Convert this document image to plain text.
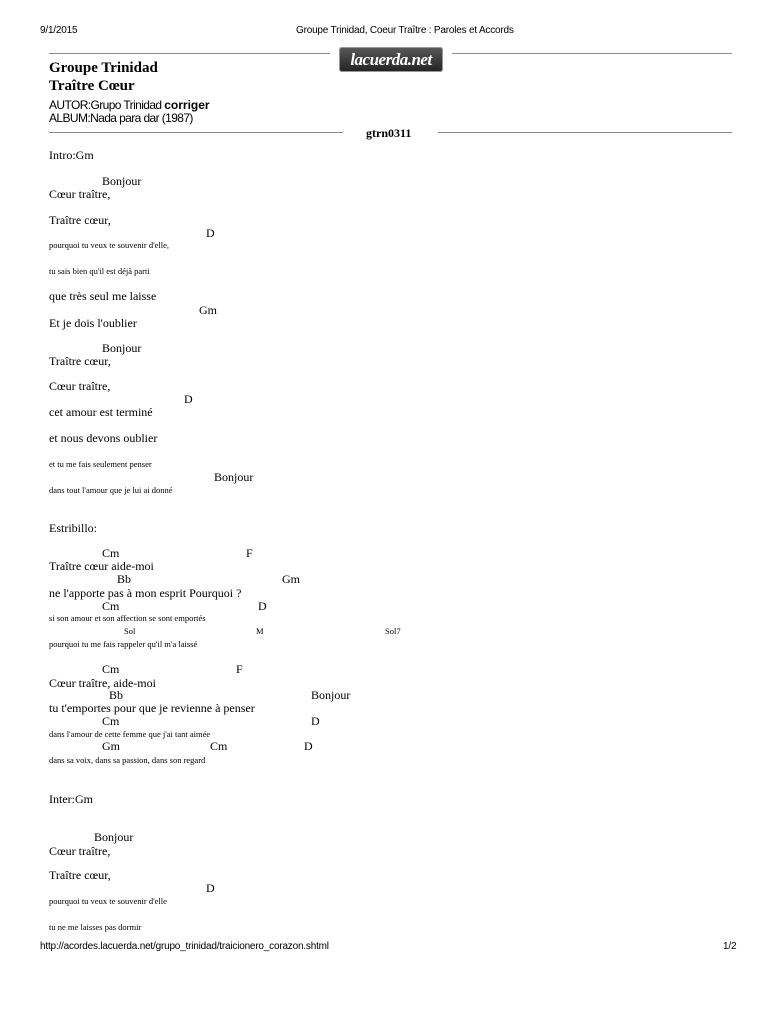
9/1/2015	Groupe Trinidad, Coeur Traître : Paroles et Accords
lacuerda.net
Groupe Trinidad
Traître Cœur
AUTOR:Grupo Trinidad corriger
ALBUM:Nada para dar (1987)
gtrn0311
Intro:Gm
Bonjour
Cœur traître,
Traître cœur,
D
pourquoi tu veux te souvenir d'elle,
tu sais bien qu'il est déjà parti
que très seul me laisse
Gm
Et je dois l'oublier
Bonjour
Traître cœur,
Cœur traître,
D
cet amour est terminé
et nous devons oublier
et tu me fais seulement penser
Bonjour
dans tout l'amour que je lui ai donné
Estribillo:
Cm	F
Traître cœur aide-moi
Bb	Gm
ne l'apporte pas à mon esprit Pourquoi ?
Cm	D
si son amour et son affection se sont emportés
Sol	M	Sol7
pourquoi tu me fais rappeler qu'il m'a laissé
Cm	F
Cœur traître, aide-moi
Bb	Bonjour
tu t'emportes pour que je revienne à penser
Cm	D
dans l'amour de cette femme que j'ai tant aimée
Gm	Cm	D
dans sa voix, dans sa passion, dans son regard
Inter:Gm
Bonjour
Cœur traître,
Traître cœur,
D
pourquoi tu veux te souvenir d'elle
tu ne me laisses pas dormir
http://acordes.lacuerda.net/grupo_trinidad/traicionero_corazon.shtml	1/2
